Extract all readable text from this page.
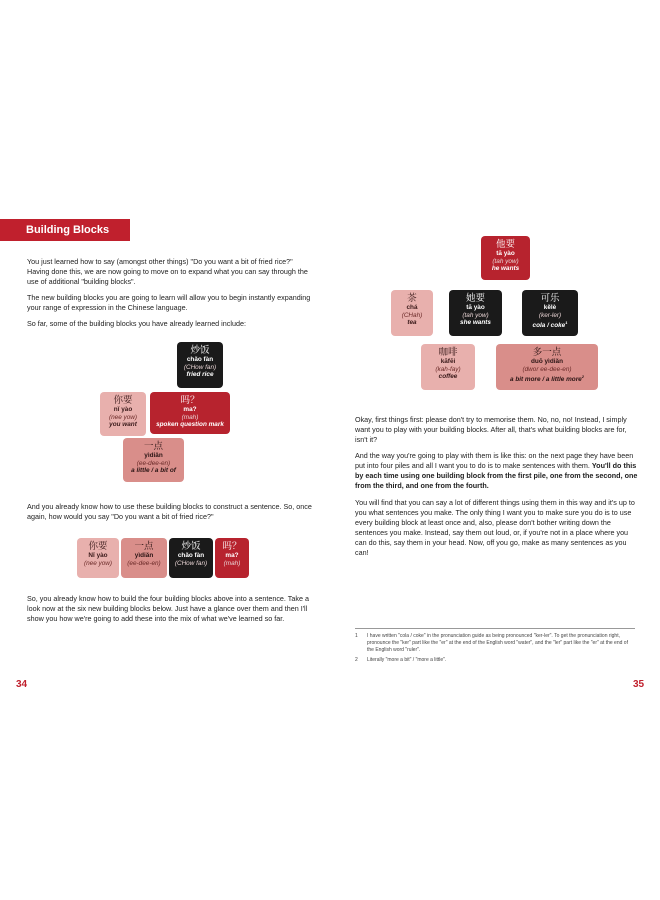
Building Blocks

You just learned how to say (amongst other things) "Do you want a bit of fried rice?" Having done this, we are now going to move on to expand what you can say through the use of additional "building blocks".

The new building blocks you are going to learn will allow you to begin instantly expanding your range of expression in the Chinese language.

So far, some of the building blocks you have already learned include:

炒饭
chǎo fàn
(CHow fan)
fried rice
你要
nǐ yào
(nee yow)
you want
吗？
ma?
(mah)
spoken question mark
一点
yìdiǎn
(ee-dee-en)
a little / a bit of

And you already know how to use these building blocks to construct a sentence. So, once again, how would you say "Do you want a bit of fried rice?"

你要
Nǐ yào
(nee yow)
一点
yìdiǎn
(ee-dee-en)
炒饭
chǎo fàn
(CHow fan)
吗？
ma?
(mah)

So, you already know how to build the four building blocks above into a sentence. Take a look now at the six new building blocks below. Just have a glance over them and then I'll show you how we're going to add these into the mix of what we've learned so far.

34
他要
tā yào
(tah yow)
he wants
茶
chá
(CHah)
tea
她要
tā yào
(tah yow)
she wants
可乐
kělè
(ker-ler)
cola / coke$^1$
咖啡
kāfēi
(kah-fay)
coffee
多一点
duō yìdiǎn
(dwor ee-dee-en)
a bit more / a little more$^2$

Okay, first things first: please don't try to memorise them. No, no, no! Instead, I simply want you to play with your building blocks. After all, that's what building blocks are for, isn't it?

And the way you're going to play with them is like this: on the next page they have been put into four piles and all I want you to do is to make sentences with them. You'll do this by each time using one building block from the first pile, one from the second, one from the third, and one from the fourth.

You will find that you can say a lot of different things using them in this way and it's up to you what sentences you make. The only thing I want you to make sure you do is to use every building block at least once and, also, please don't bother writing down the sentences you make. Instead, say them out loud, or, if you're not in a place where you can do this, say them in your head. Now, off you go, make as many sentences as you can!

35
1	I have written "cola / coke" in the pronunciation guide as being pronounced "ker-ler". To get the pronunciation right, pronounce the "ker" part like the "er" at the end of the English word "water", and the "ler" part like the "er" at the end of the English word "ruler".
2	Literally "more a bit" / "more a little".
